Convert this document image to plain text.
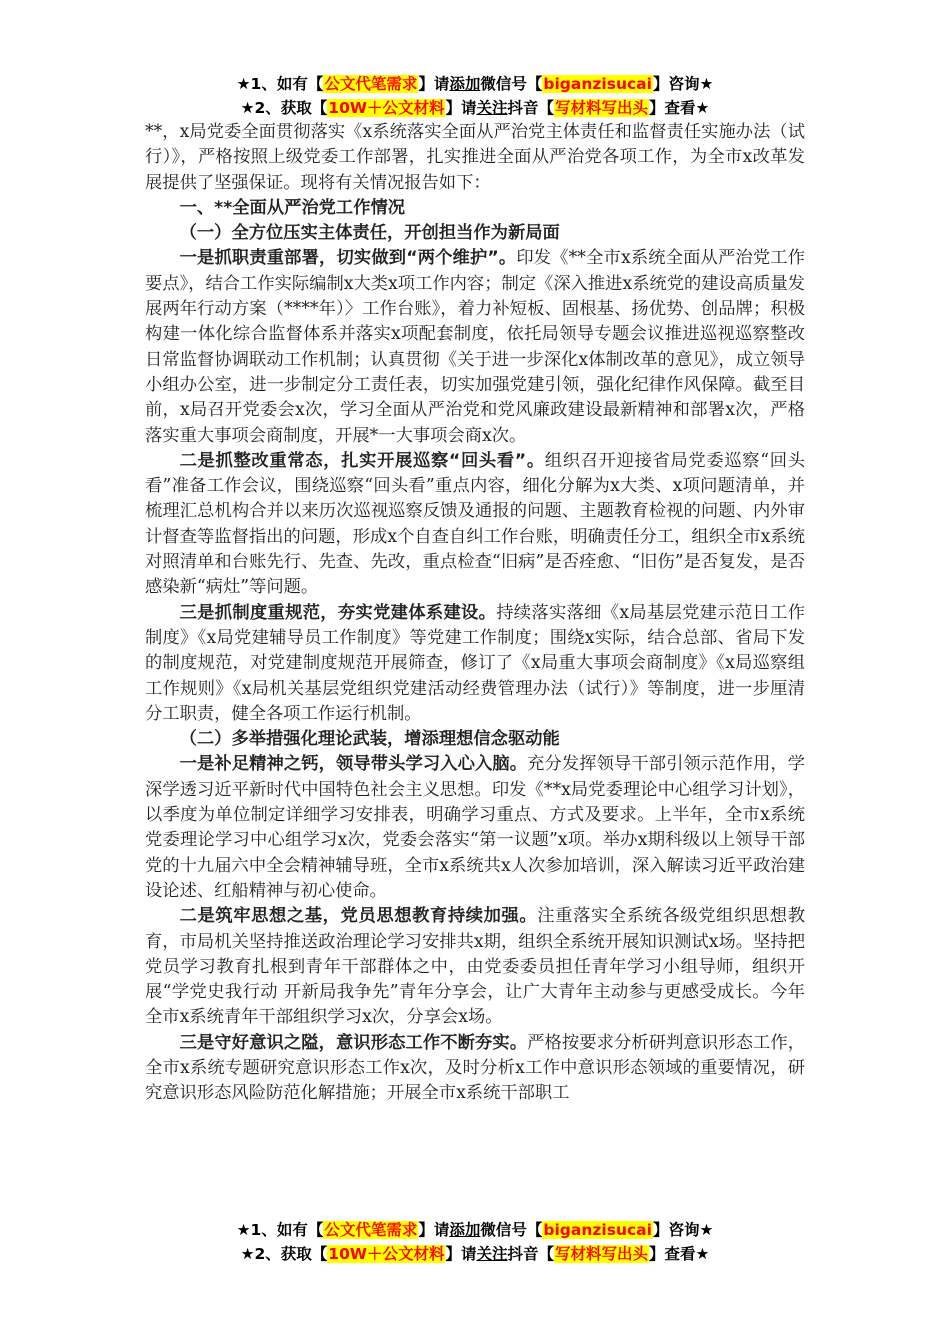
★1、如有【公文代笔需求】请添加微信号【biganzisucai】咨询★
★2、获取【10W＋公文材料】请关注抖音【写材料写出头】查看★

**，x局党委全面贯彻落实《x系统落实全面从严治党主体责任和监督责任实施办法（试行）》，严格按照上级党委工作部署，扎实推进全面从严治党各项工作，为全市x改革发展提供了坚强保证。现将有关情况报告如下：

一、**全面从严治党工作情况

（一）全方位压实主体责任，开创担当作为新局面

一是抓职责重部署，切实做到“两个维护”。印发《**全市x系统全面从严治党工作要点》，结合工作实际编制x大类x项工作内容；制定《深入推进x系统党的建设高质量发展两年行动方案（****年）〉工作台账》，着力补短板、固根基、扬优势、创品牌；积极构建一体化综合监督体系并落实x项配套制度，依托局领导专题会议推进巡视巡察整改日常监督协调联动工作机制；认真贯彻《关于进一步深化x体制改革的意见》，成立领导小组办公室，进一步制定分工责任表，切实加强党建引领，强化纪律作风保障。截至目前，x局召开党委会x次，学习全面从严治党和党风廉政建设最新精神和部署x次，严格落实重大事项会商制度，开展*一大事项会商x次。

二是抓整改重常态，扎实开展巡察“回头看”。组织召开迎接省局党委巡察“回头看”准备工作会议，围绕巡察“回头看”重点内容，细化分解为x大类、x项问题清单，并梳理汇总机构合并以来历次巡视巡察反馈及通报的问题、主题教育检视的问题、内外审计督查等监督指出的问题，形成x个自查自纠工作台账，明确责任分工，组织全市x系统对照清单和台账先行、先查、先改，重点检查“旧病”是否痊愈、“旧伤”是否复发，是否感染新“病灶”等问题。

三是抓制度重规范，夯实党建体系建设。持续落实落细《x局基层党建示范日工作制度》《x局党建辅导员工作制度》等党建工作制度；围绕x实际，结合总部、省局下发的制度规范，对党建制度规范开展筛查，修订了《x局重大事项会商制度》《x局巡察组工作规则》《x局机关基层党组织党建活动经费管理办法（试行）》等制度，进一步厘清分工职责，健全各项工作运行机制。

（二）多举措强化理论武装，增添理想信念驱动能

一是补足精神之钙，领导带头学习入心入脑。充分发挥领导干部引领示范作用，学深学透习近平新时代中国特色社会主义思想。印发《**x局党委理论中心组学习计划》，以季度为单位制定详细学习安排表，明确学习重点、方式及要求。上半年，全市x系统党委理论学习中心组学习x次，党委会落实“第一议题”x项。举办x期科级以上领导干部党的十九届六中全会精神辅导班，全市x系统共x人次参加培训，深入解读习近平政治建设论述、红船精神与初心使命。

二是筑牢思想之基，党员思想教育持续加强。注重落实全系统各级党组织思想教育，市局机关坚持推送政治理论学习安排共x期，组织全系统开展知识测试x场。坚持把党员学习教育扎根到青年干部群体之中，由党委委员担任青年学习小组导师，组织开展“学党史我行动 开新局我争先”青年分享会，让广大青年主动参与更感受成长。今年全市x系统青年干部组织学习x次，分享会x场。

三是守好意识之隘，意识形态工作不断夯实。严格按要求分析研判意识形态工作，全市x系统专题研究意识形态工作x次，及时分析x工作中意识形态领域的重要情况，研究意识形态风险防范化解措施；开展全市x系统干部职工

★1、如有【公文代笔需求】请添加微信号【biganzisucai】咨询★
★2、获取【10W＋公文材料】请关注抖音【写材料写出头】查看★
